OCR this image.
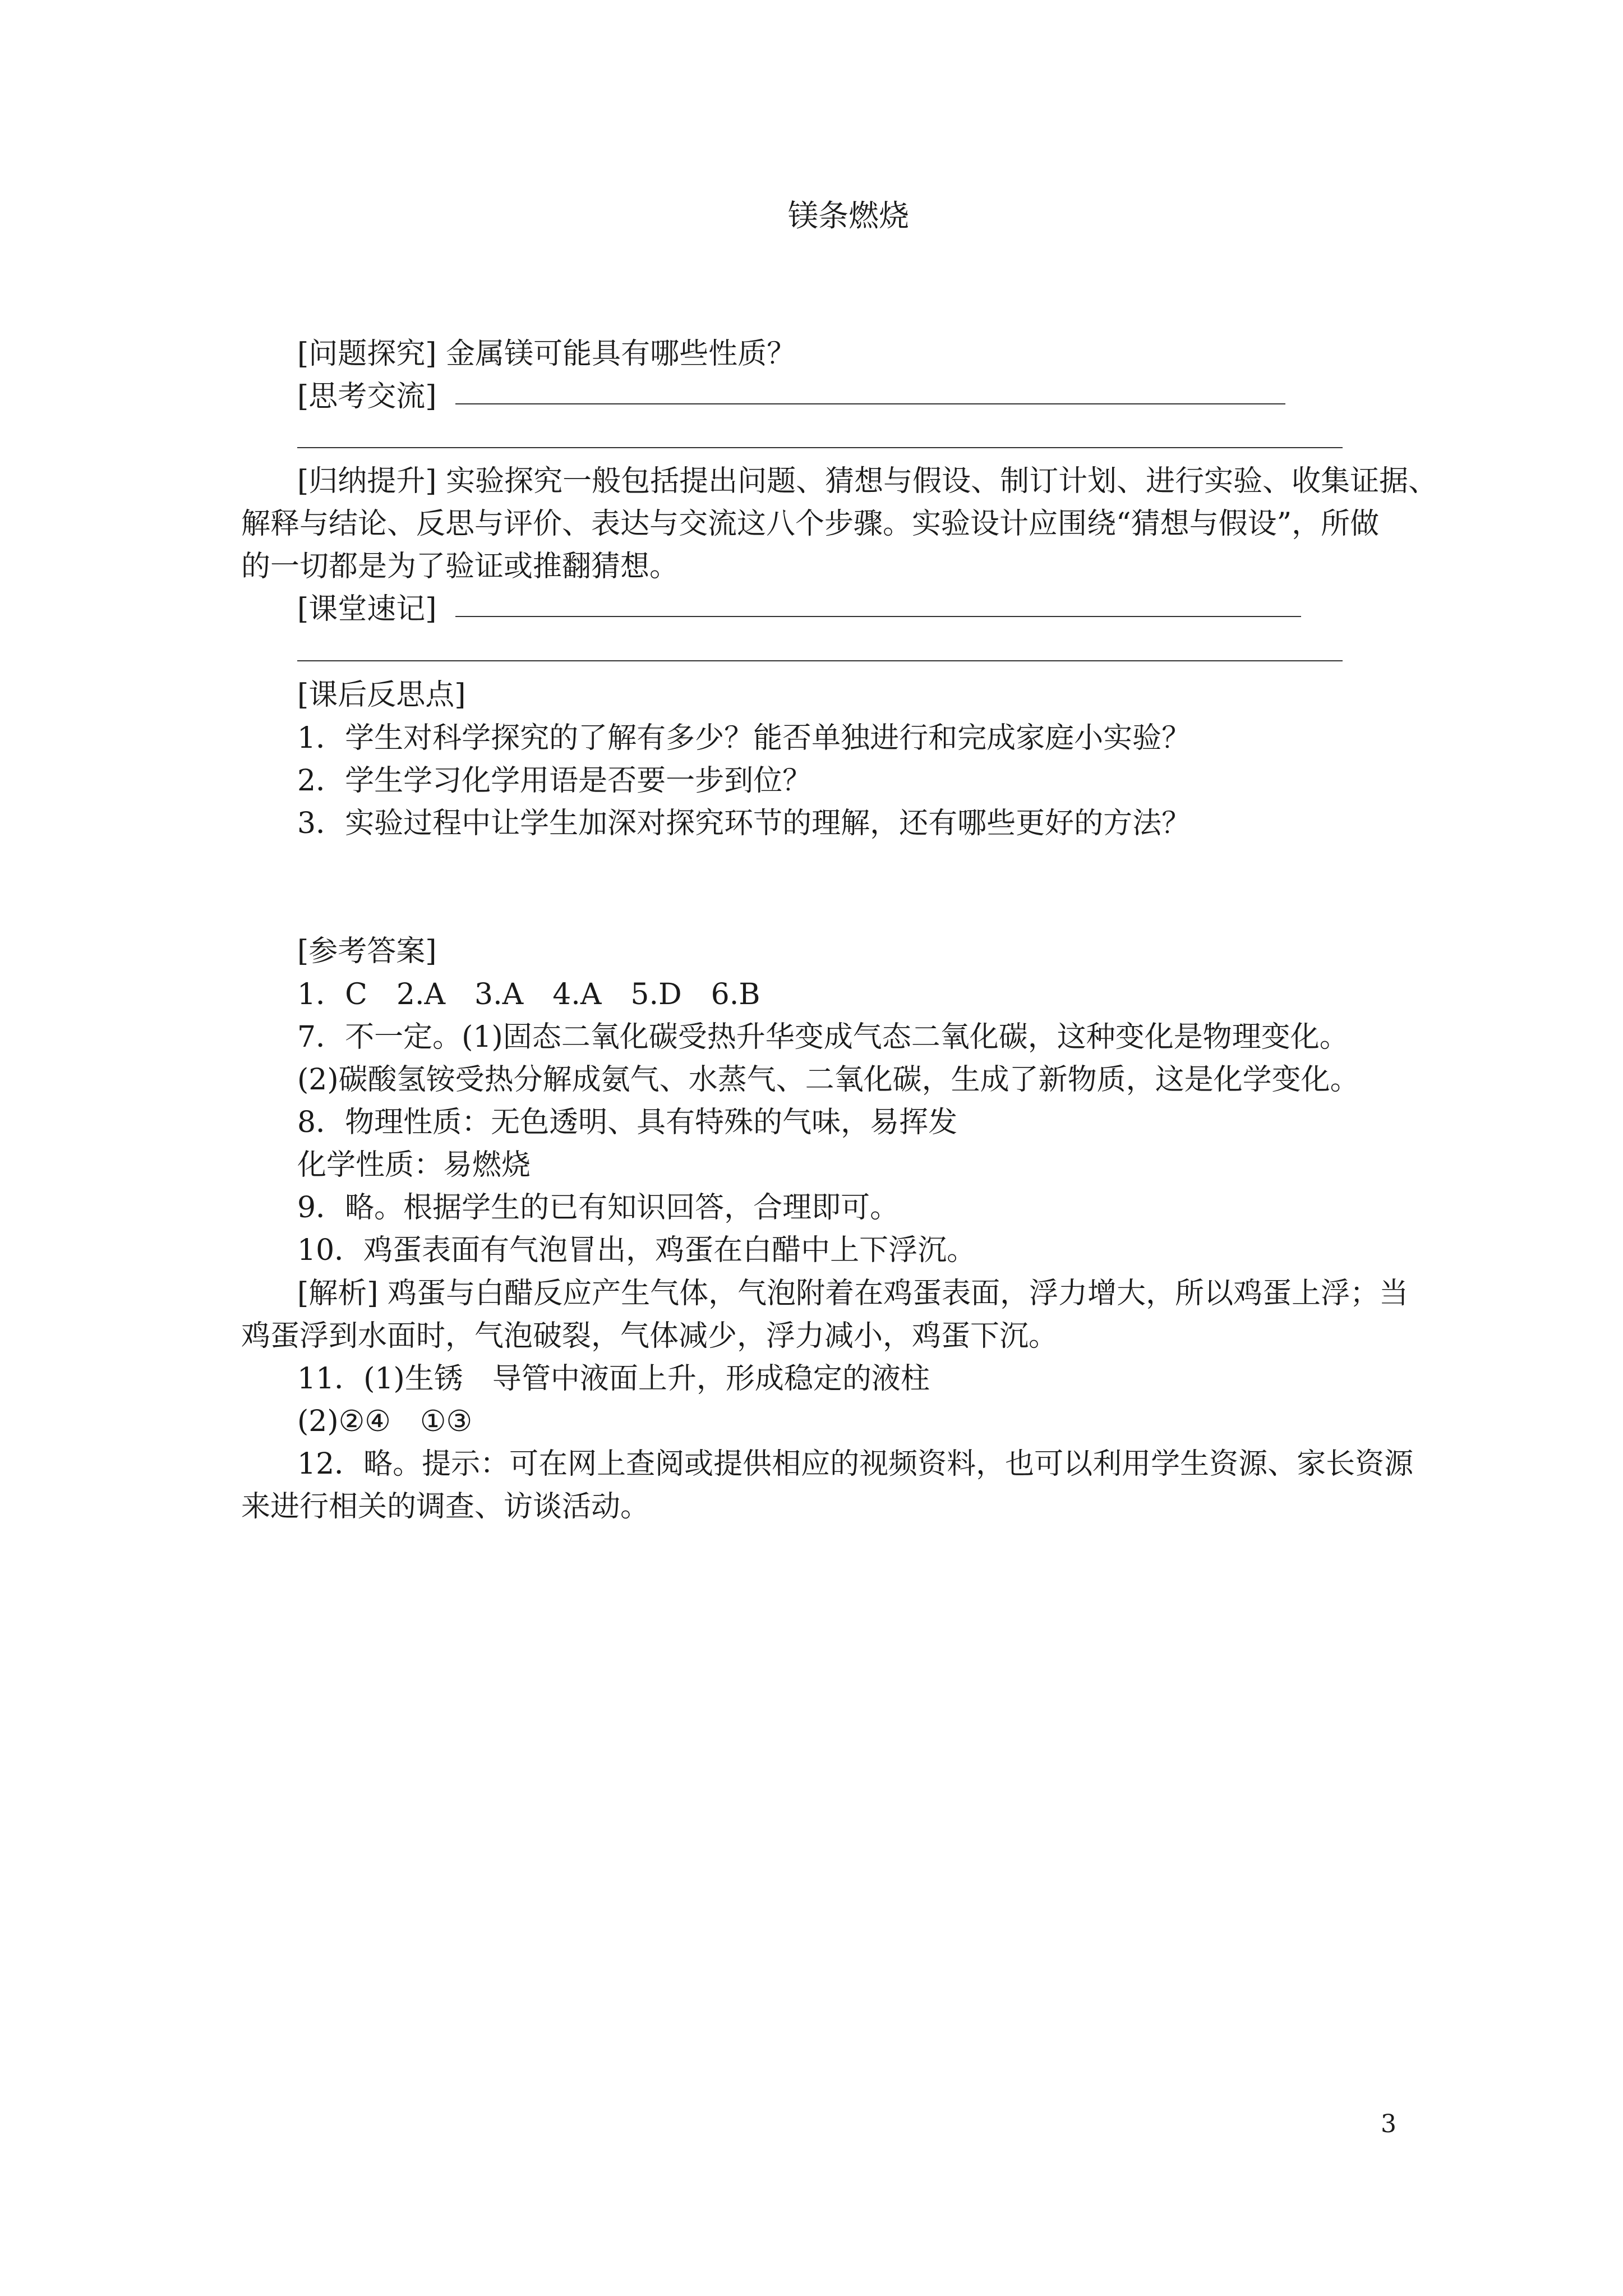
镁条燃烧
[问题探究] 金属镁可能具有哪些性质？
[思考交流]
[归纳提升] 实验探究一般包括提出问题、猜想与假设、制订计划、进行实验、收集证据、
解释与结论、反思与评价、表达与交流这八个步骤。实验设计应围绕“猜想与假设”，所做
的一切都是为了验证或推翻猜想。
[课堂速记]
[课后反思点]
1．学生对科学探究的了解有多少？能否单独进行和完成家庭小实验？
2．学生学习化学用语是否要一步到位？
3．实验过程中让学生加深对探究环节的理解，还有哪些更好的方法？
[参考答案]
1．C　2.A　3.A　4.A　5.D　6.B
7．不一定。(1)固态二氧化碳受热升华变成气态二氧化碳，这种变化是物理变化。
(2)碳酸氢铵受热分解成氨气、水蒸气、二氧化碳，生成了新物质，这是化学变化。
8．物理性质：无色透明、具有特殊的气味，易挥发
化学性质：易燃烧
9．略。根据学生的已有知识回答，合理即可。
10．鸡蛋表面有气泡冒出，鸡蛋在白醋中上下浮沉。
[解析] 鸡蛋与白醋反应产生气体，气泡附着在鸡蛋表面，浮力增大，所以鸡蛋上浮；当
鸡蛋浮到水面时，气泡破裂，气体减少，浮力减小，鸡蛋下沉。
11．(1)生锈　导管中液面上升，形成稳定的液柱
(2)②④　①③
12．略。提示：可在网上查阅或提供相应的视频资料，也可以利用学生资源、家长资源
来进行相关的调查、访谈活动。
3
